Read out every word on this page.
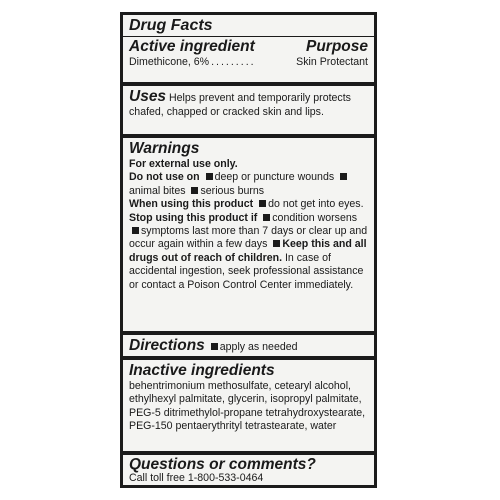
Drug Facts
Active ingredient	Purpose
Dimethicone, 6% .........	Skin Protectant
Uses Helps prevent and temporarily protects chafed, chapped or cracked skin and lips.
Warnings
For external use only.
Do not use on deep or puncture wounds animal bites serious burns
When using this product do not get into eyes.
Stop using this product if condition worsens symptoms last more than 7 days or clear up and occur again within a few days Keep this and all drugs out of reach of children. In case of accidental ingestion, seek professional assistance or contact a Poison Control Center immediately.
Directions apply as needed
Inactive ingredients
behentrimonium methosulfate, cetearyl alcohol, ethylhexyl palmitate, glycerin, isopropyl palmitate, PEG-5 ditrimethylol-propane tetrahydroxystearate, PEG-150 pentaerythrityl tetrastearate, water
Questions or comments?
Call toll free 1-800-533-0464
